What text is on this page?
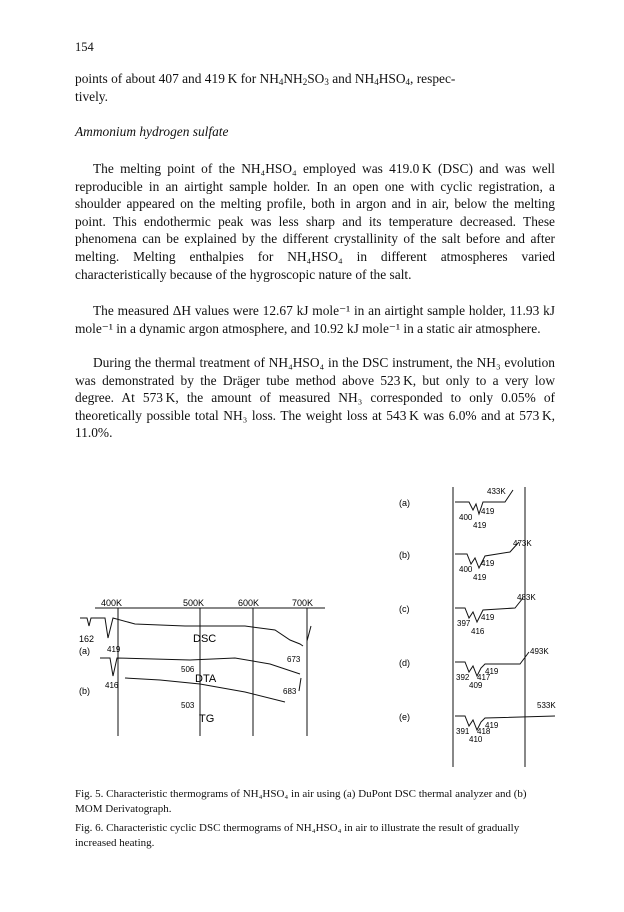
154

points of about 407 and 419 K for $NH_4NH_2SO_3$ and $NH_4HSO_4$, respec-
tively.

Ammonium hydrogen sulfate

The melting point of the NH₄HSO₄ employed was 419.0 K (DSC) and was well reproducible in an airtight sample holder. In an open one with cyclic registration, a shoulder appeared on the melting profile, both in argon and in air, below the melting point. This endothermic peak was less sharp and its temperature decreased. These phenomena can be explained by the different crystallinity of the salt before and after melting. Melting enthalpies for NH₄HSO₄ in different atmospheres varied characteristically because of the hygroscopic nature of the salt.

The measured ΔH values were 12.67 kJ mole⁻¹ in an airtight sample holder, 11.93 kJ mole⁻¹ in a dynamic argon atmosphere, and 10.92 kJ mole⁻¹ in a static air atmosphere.

During the thermal treatment of NH₄HSO₄ in the DSC instrument, the NH₃ evolution was demonstrated by the Dräger tube method above 523 K, but only to a very low degree. At 573 K, the amount of measured NH₃ corresponded to only 0.05% of theoretically possible total NH₃ loss. The weight loss at 543 K was 6.0% and at 573 K, 11.0%.

400K	500K	600K	700K
162
(a) 419
DSC
673
(b)
416
506
DTA
683
503
TG
(a)
433K
419
400
419
(b)
473K
419
400
419
(c)
483K
419
397
416
(d)
493K
419
392 417
409
(e)
533K
419
391 418
410

Fig. 5. Characteristic thermograms of NH₄HSO₄ in air using (a) DuPont DSC thermal analyzer and (b) MOM Derivatograph.

Fig. 6. Characteristic cyclic DSC thermograms of NH₄HSO₄ in air to illustrate the result of gradually increased heating.
